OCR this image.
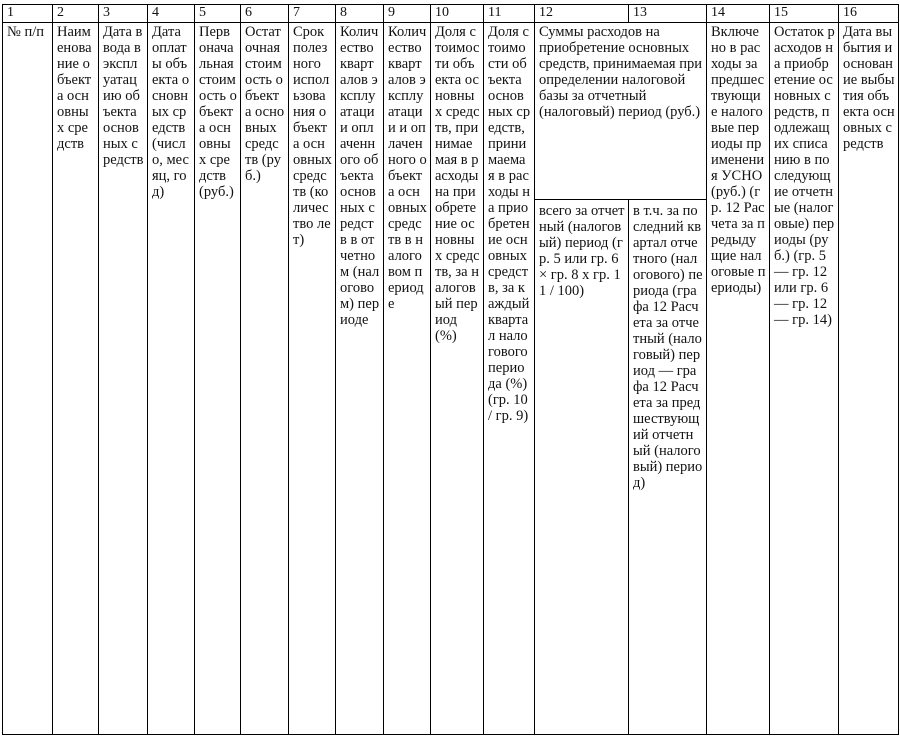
1	2	3	4	5	6	7	8	9	10	11	12	13	14	15	16
№ п/п	Наименование объекта основных средств	Дата ввода в эксплуатацию объекта основных средств	Дата оплаты объекта основных средств (число, месяц, год)	Первоначальная стоимость объекта основных средств (руб.)	Остаточная стоимость объекта основных средств (руб.)	Срок полезного использования объекта основных средств (количество лет)	Количество кварталов эксплуатации оплаченного объекта основных средств в отчетном (налоговом) периоде	Количество кварталов эксплуатации и оплаченного объекта основных средств в налоговом периоде	Доля стоимости объекта основных средств, принимаемая в расходы на приобретение основных средств, за налоговый период (%)	Доля стоимости объекта основных средств, принимаемая в расходы на приобретение основных средств, за каждый квартал налогового периода (%) (гр. 10 / гр. 9)	Суммы расходов на приобретение основных средств, принимаемая при определении налоговой базы за отчетный (налоговый) период (руб.)		Включено в расходы за предшествующие налоговые периоды применения УСНО (руб.) (гр. 12 Расчета за предыдущие налоговые периоды)	Остаток расходов на приобретение основных средств, подлежащих списанию в последующие отчетные (налоговые) периоды (руб.) (гр. 5 — гр. 12 или гр. 6 — гр. 12 — гр. 14)	Дата выбытия и основание выбытия объекта основных средств
											всего за отчетный (налоговый) период (гр. 5 или гр. 6 × гр. 8 x гр. 11 / 100)	в т.ч. за последний квартал отчетного (налогового) периода (графа 12 Расчета за отчетный (налоговый) период — графа 12 Расчета за предшествующий отчетный (налоговый) период)			
